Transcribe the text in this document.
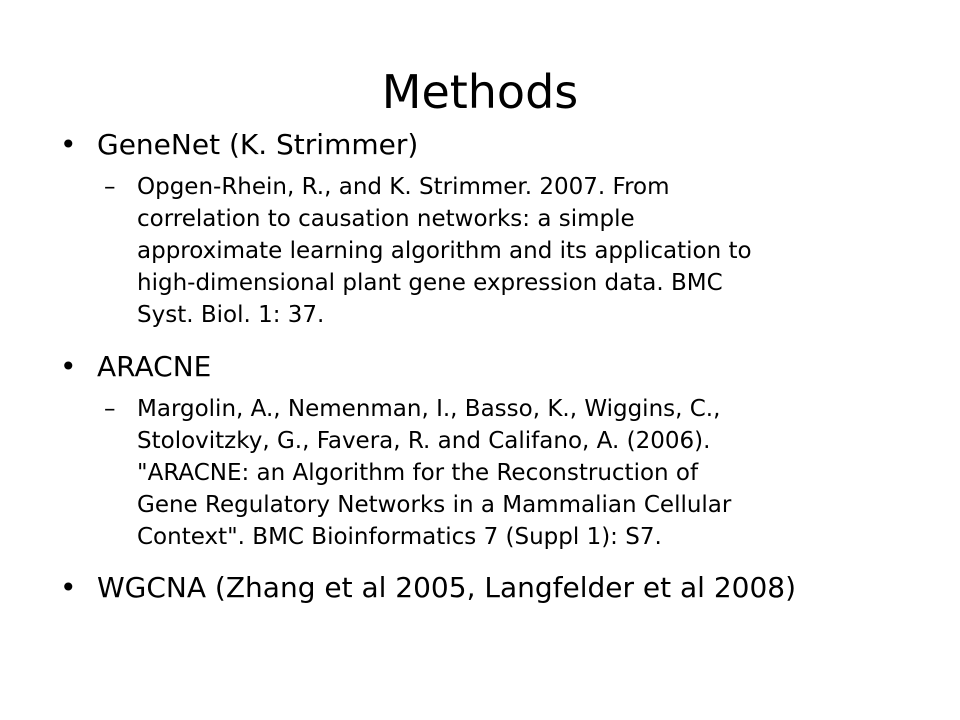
Methods
• GeneNet (K. Strimmer)
– Opgen-Rhein, R., and K. Strimmer. 2007. From
correlation to causation networks: a simple
approximate learning algorithm and its application to
high-dimensional plant gene expression data. BMC
Syst. Biol. 1: 37.
• ARACNE
– Margolin, A., Nemenman, I., Basso, K., Wiggins, C.,
Stolovitzky, G., Favera, R. and Califano, A. (2006).
"ARACNE: an Algorithm for the Reconstruction of
Gene Regulatory Networks in a Mammalian Cellular
Context". BMC Bioinformatics 7 (Suppl 1): S7.
• WGCNA (Zhang et al 2005, Langfelder et al 2008)
